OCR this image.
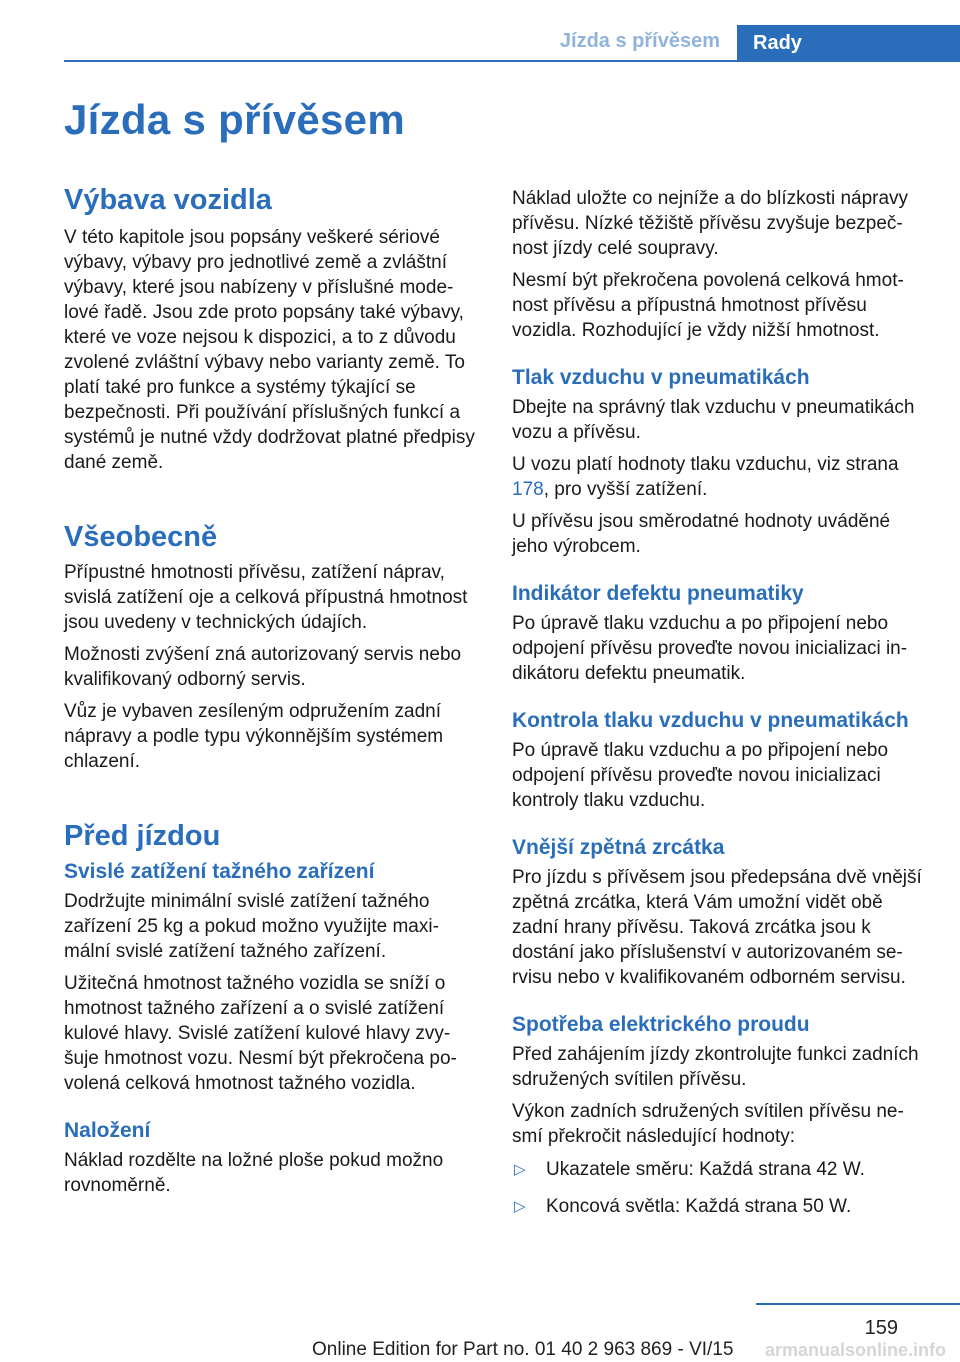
Jízda s přívěsem	Rady
Jízda s přívěsem
Výbava vozidla

V této kapitole jsou popsány veškeré sériové výbavy, výbavy pro jednotlivé země a zvláštní výbavy, které jsou nabízeny v příslušné modelové řadě. Jsou zde proto popsány také výbavy, které ve voze nejsou k dispozici, a to z důvodu zvolené zvláštní výbavy nebo varianty země. To platí také pro funkce a systémy týkající se bezpečnosti. Při používání příslušných funkcí a systémů je nutné vždy dodržovat platné předpisy dané země.

Všeobecně

Přípustné hmotnosti přívěsu, zatížení náprav, svislá zatížení oje a celková přípustná hmotnost jsou uvedeny v technických údajích.

Možnosti zvýšení zná autorizovaný servis nebo kvalifikovaný odborný servis.

Vůz je vybaven zesíleným odpružením zadní nápravy a podle typu výkonnějším systémem chlazení.

Před jízdou
Svislé zatížení tažného zařízení

Dodržujte minimální svislé zatížení tažného zařízení 25 kg a pokud možno využijte maximální svislé zatížení tažného zařízení.

Užitečná hmotnost tažného vozidla se sníží o hmotnost tažného zařízení a o svislé zatížení kulové hlavy. Svislé zatížení kulové hlavy zvyšuje hmotnost vozu. Nesmí být překročena povolená celková hmotnost tažného vozidla.

Naložení

Náklad rozdělte na ložné ploše pokud možno rovnoměrně.

Náklad uložte co nejníže a do blízkosti nápravy přívěsu. Nízké těžiště přívěsu zvyšuje bezpečnost jízdy celé soupravy.

Nesmí být překročena povolená celková hmotnost přívěsu a přípustná hmotnost přívěsu vozidla. Rozhodující je vždy nižší hmotnost.

Tlak vzduchu v pneumatikách

Dbejte na správný tlak vzduchu v pneumatikách vozu a přívěsu.

U vozu platí hodnoty tlaku vzduchu, viz strana 178, pro vyšší zatížení.

U přívěsu jsou směrodatné hodnoty uváděné jeho výrobcem.

Indikátor defektu pneumatiky

Po úpravě tlaku vzduchu a po připojení nebo odpojení přívěsu proveďte novou inicializaci indikátoru defektu pneumatik.

Kontrola tlaku vzduchu v pneumatikách

Po úpravě tlaku vzduchu a po připojení nebo odpojení přívěsu proveďte novou inicializaci kontroly tlaku vzduchu.

Vnější zpětná zrcátka

Pro jízdu s přívěsem jsou předepsána dvě vnější zpětná zrcátka, která Vám umožní vidět obě zadní hrany přívěsu. Taková zrcátka jsou k dostání jako příslušenství v autorizovaném servisu nebo v kvalifikovaném odborném servisu.

Spotřeba elektrického proudu

Před zahájením jízdy zkontrolujte funkci zadních sdružených svítilen přívěsu.

Výkon zadních sdružených svítilen přívěsu nesmí překročit následující hodnoty:

▷ Ukazatele směru: Každá strana 42 W.
▷ Koncová světla: Každá strana 50 W.
159
Online Edition for Part no. 01 40 2 963 869 - VI/15 armanualsonline.info
